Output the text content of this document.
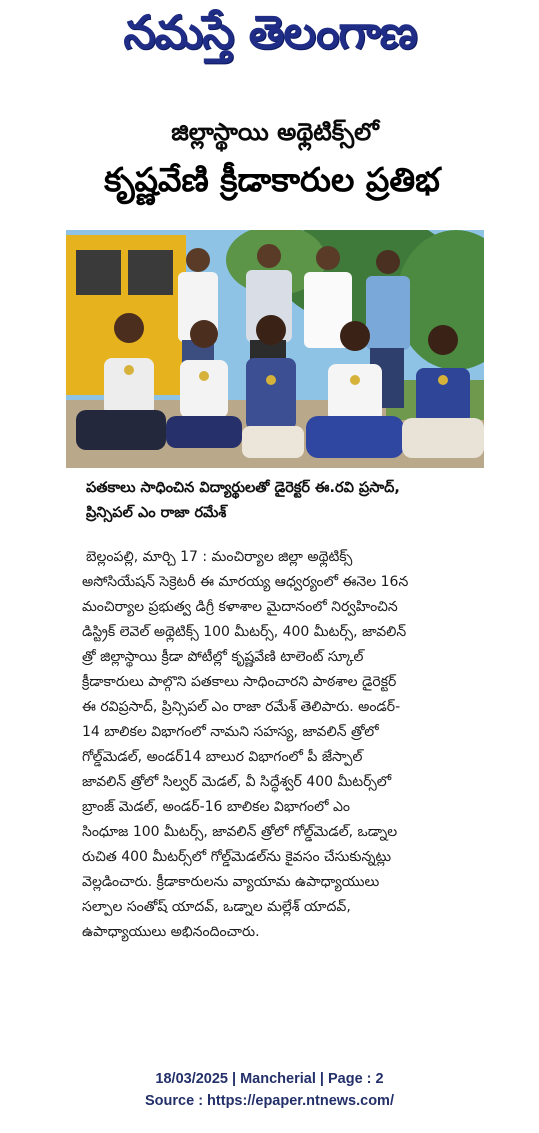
నమస్తే తెలంగాణ
జిల్లాస్థాయి అథ్లెటిక్స్‌లో
కృష్ణవేణి క్రీడాకారుల ప్రతిభ
పతకాలు సాధించిన విద్యార్థులతో డైరెక్టర్ ఈ.రవి ప్రసాద్,
ప్రిన్సిపల్ ఎం రాజా రమేశ్
బెల్లంపల్లి, మార్చి 17 : మంచిర్యాల జిల్లా అథ్లెటిక్స్
అసోసియేషన్ సెక్రెటరీ ఈ మారయ్య ఆధ్వర్యంలో ఈనెల 16న
మంచిర్యాల ప్రభుత్వ డిగ్రీ కళాశాల మైదానంలో నిర్వహించిన
డిస్ట్రిక్ లెవెల్ అథ్లెటిక్స్ 100 మీటర్స్, 400 మీటర్స్, జావలిన్
త్రో జిల్లాస్థాయి క్రీడా పోటీల్లో కృష్ణవేణి టాలెంట్ స్కూల్
క్రీడాకారులు పాల్గొని పతకాలు సాధించారని పాఠశాల డైరెక్టర్
ఈ రవిప్రసాద్, ప్రిన్సిపల్ ఎం రాజా రమేశ్ తెలిపారు. అండర్-
14 బాలికల విభాగంలో నామని సహస్య, జావలిన్ త్రోలో
గోల్డ్‌మెడల్, అండర్14 బాలుర విభాగంలో పీ జేస్పాల్
జావలిన్ త్రోలో సిల్వర్ మెడల్, వీ సిద్ధేశ్వర్ 400 మీటర్స్‌లో
బ్రాంజ్ మెడల్, అండర్-16 బాలికల విభాగంలో ఎం
సింధూజ 100 మీటర్స్, జావలిన్ త్రోలో గోల్డ్‌మెడల్, ఒడ్నాల
రుచిత 400 మీటర్స్‌లో గోల్డ్‌మెడల్‌ను కైవసం చేసుకున్నట్లు
వెల్లడించారు. క్రీడాకారులను వ్యాయామ ఉపాధ్యాయులు
సల్పాల సంతోష్ యాదవ్, ఒడ్నాల మల్లేశ్ యాదవ్,
ఉపాధ్యాయులు అభినందించారు.
18/03/2025 | Mancherial | Page : 2
Source : https://epaper.ntnews.com/
